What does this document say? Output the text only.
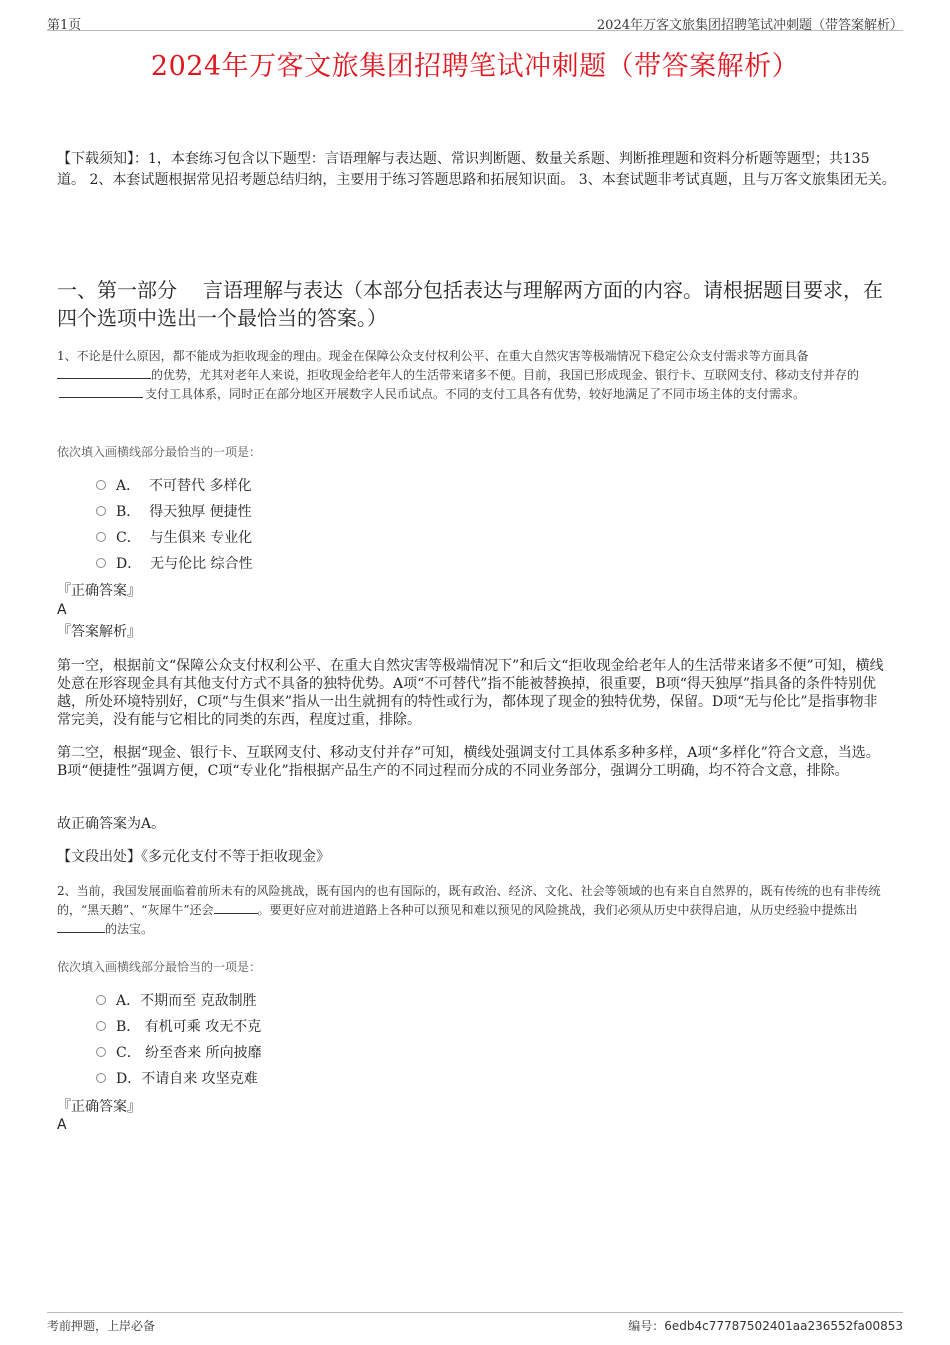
第1页	2024年万客文旅集团招聘笔试冲刺题（带答案解析）
2024年万客文旅集团招聘笔试冲刺题（带答案解析）

【下载须知】：1，本套练习包含以下题型：言语理解与表达题、常识判断题、数量关系题、判断推理题和资料分析题等题型；共135道。 2、本套试题根据常见招考题总结归纳，主要用于练习答题思路和拓展知识面。 3、本套试题非考试真题，且与万客文旅集团无关。

一、第一部分 言语理解与表达（本部分包括表达与理解两方面的内容。请根据题目要求，在四个选项中选出一个最恰当的答案。）

1、不论是什么原因，都不能成为拒收现金的理由。现金在保障公众支付权利公平、在重大自然灾害等极端情况下稳定公众支付需求等方面具备的优势，尤其对老年人来说，拒收现金给老年人的生活带来诸多不便。目前，我国已形成现金、银行卡、互联网支付、移动支付并存的支付工具体系，同时正在部分地区开展数字人民币试点。不同的支付工具各有优势，较好地满足了不同市场主体的支付需求。

依次填入画横线部分最恰当的一项是：

A． 不可替代 多样化
B． 得天独厚 便捷性
C． 与生俱来 专业化
D． 无与伦比 综合性

『正确答案』

A

『答案解析』

第一空，根据前文“保障公众支付权利公平、在重大自然灾害等极端情况下”和后文“拒收现金给老年人的生活带来诸多不便”可知，横线处意在形容现金具有其他支付方式不具备的独特优势。A项“不可替代”指不能被替换掉，很重要，B项“得天独厚”指具备的条件特别优越，所处环境特别好，C项“与生俱来”指从一出生就拥有的特性或行为，都体现了现金的独特优势，保留。D项“无与伦比”是指事物非常完美，没有能与它相比的同类的东西，程度过重，排除。

第二空，根据“现金、银行卡、互联网支付、移动支付并存”可知，横线处强调支付工具体系多种多样，A项“多样化”符合文意，当选。B项“便捷性”强调方便，C项“专业化”指根据产品生产的不同过程而分成的不同业务部分，强调分工明确，均不符合文意，排除。

故正确答案为A。

【文段出处】《多元化支付不等于拒收现金》

2、当前，我国发展面临着前所未有的风险挑战，既有国内的也有国际的，既有政治、经济、文化、社会等领域的也有来自自然界的，既有传统的也有非传统的，“黑天鹅”、“灰犀牛”还会	。要更好应对前进道路上各种可以预见和难以预见的风险挑战，我们必须从历史中获得启迪，从历史经验中提炼出的法宝。

依次填入画横线部分最恰当的一项是：

A．不期而至 克敌制胜
B． 有机可乘 攻无不克
C． 纷至沓来 所向披靡
D．不请自来 攻坚克难

『正确答案』

A

考前押题，上岸必备	编号：6edb4c77787502401aa236552fa00853
